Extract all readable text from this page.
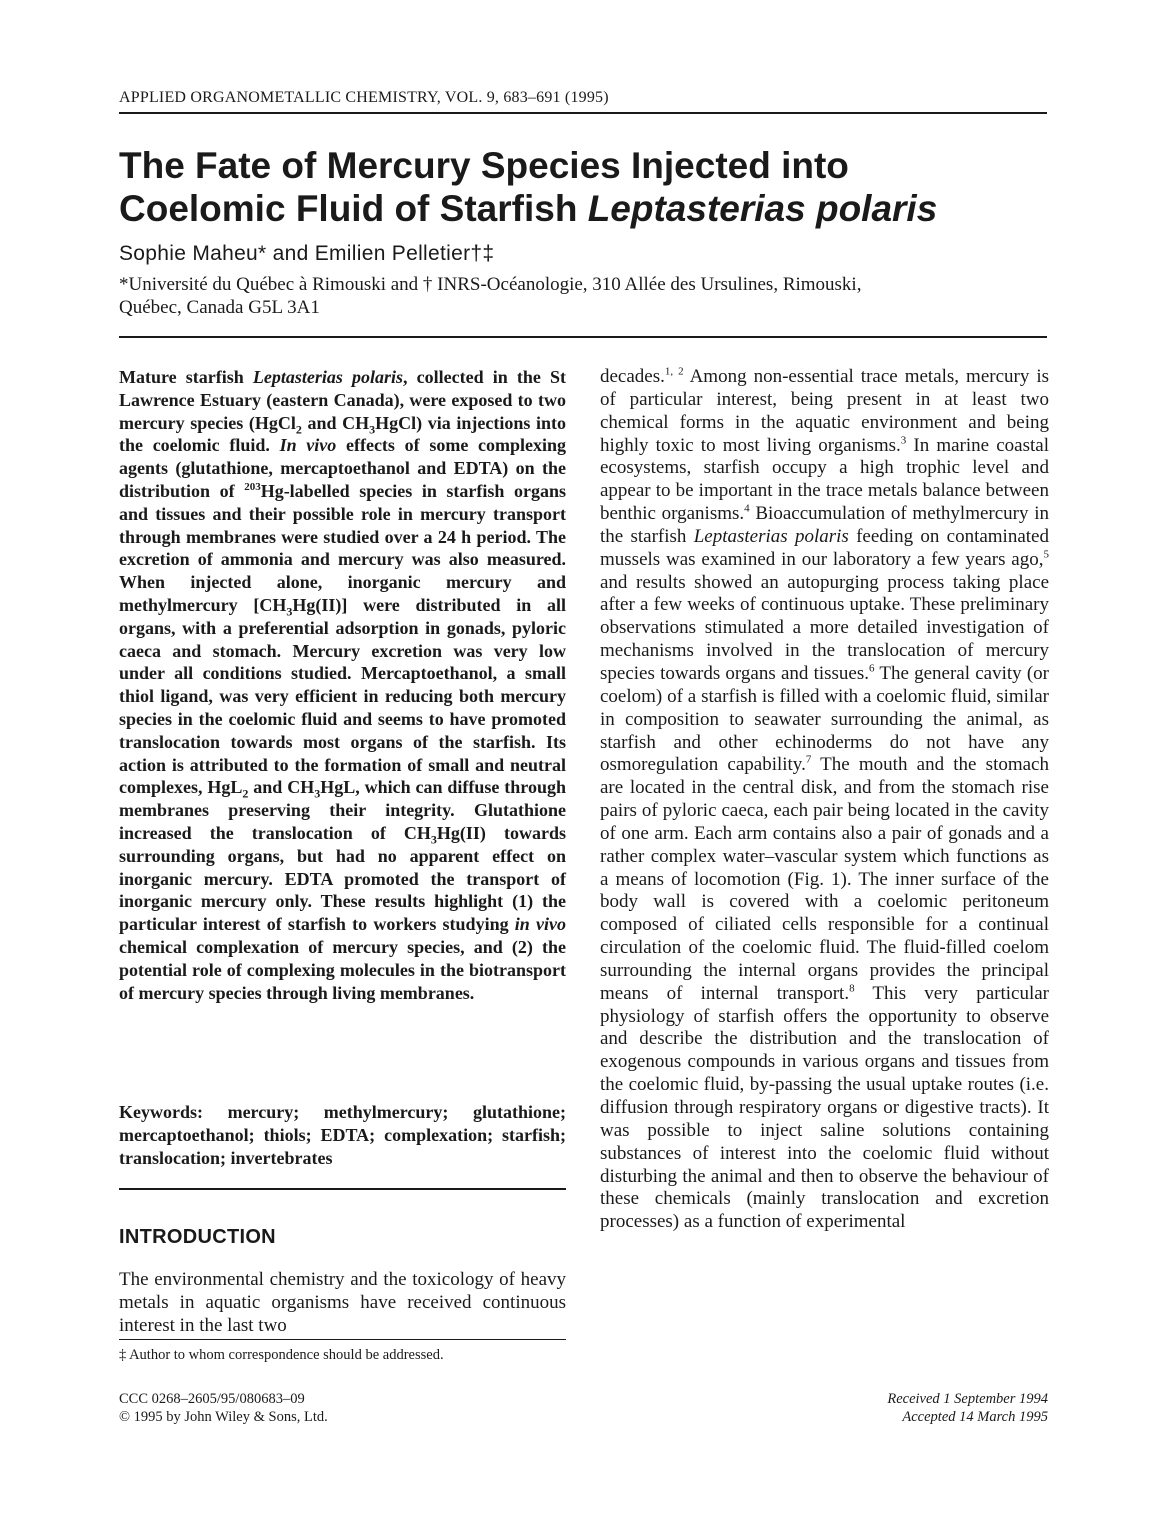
APPLIED ORGANOMETALLIC CHEMISTRY, VOL. 9, 683–691 (1995)
The Fate of Mercury Species Injected into
Coelomic Fluid of Starfish Leptasterias polaris
Sophie Maheu* and Emilien Pelletier†‡
*Université du Québec à Rimouski and † INRS-Océanologie, 310 Allée des Ursulines, Rimouski,
Québec, Canada G5L 3A1
Mature starfish Leptasterias polaris, collected in the St Lawrence Estuary (eastern Canada), were exposed to two mercury species (HgCl$_2$ and $CH_3HgCl$) via injections into the coelomic fluid. In vivo effects of some complexing agents (glutathione, mercaptoethanol and EDTA) on the distribution of $^{203}$Hg-labelled species in starfish organs and tissues and their possible role in mercury transport through membranes were studied over a 24 h period. The excretion of ammonia and mercury was also measured. When injected alone, inorganic mercury and methylmercury $[CH_3Hg(II)]$ were distributed in all organs, with a preferential adsorption in gonads, pyloric caeca and stomach. Mercury excretion was very low under all conditions studied. Mercaptoethanol, a small thiol ligand, was very efficient in reducing both mercury species in the coelomic fluid and seems to have promoted translocation towards most organs of the starfish. Its action is attributed to the formation of small and neutral complexes, HgL$_2$ and $CH_3HgL$, which can diffuse through membranes preserving their integrity. Glutathione increased the translocation of $CH_3Hg(II)$ towards surrounding organs, but had no apparent effect on inorganic mercury. EDTA promoted the transport of inorganic mercury only. These results highlight (1) the particular interest of starfish to workers studying in vivo chemical complexation of mercury species, and (2) the potential role of complexing molecules in the biotransport of mercury species through living membranes.
Keywords: mercury; methylmercury; glutathione; mercaptoethanol; thiols; EDTA; complexation; starfish; translocation; invertebrates
INTRODUCTION
The environmental chemistry and the toxicology of heavy metals in aquatic organisms have received continuous interest in the last two
‡ Author to whom correspondence should be addressed.
decades.$^{1, 2}$ Among non-essential trace metals, mercury is of particular interest, being present in at least two chemical forms in the aquatic environment and being highly toxic to most living organisms.$^3$ In marine coastal ecosystems, starfish occupy a high trophic level and appear to be important in the trace metals balance between benthic organisms.$^4$ Bioaccumulation of methylmercury in the starfish Leptasterias polaris feeding on contaminated mussels was examined in our laboratory a few years ago,$^5$ and results showed an autopurging process taking place after a few weeks of continuous uptake. These preliminary observations stimulated a more detailed investigation of mechanisms involved in the translocation of mercury species towards organs and tissues.$^6$ The general cavity (or coelom) of a starfish is filled with a coelomic fluid, similar in composition to seawater surrounding the animal, as starfish and other echinoderms do not have any osmoregulation capability.$^7$ The mouth and the stomach are located in the central disk, and from the stomach rise pairs of pyloric caeca, each pair being located in the cavity of one arm. Each arm contains also a pair of gonads and a rather complex water–vascular system which functions as a means of locomotion (Fig. 1). The inner surface of the body wall is covered with a coelomic peritoneum composed of ciliated cells responsible for a continual circulation of the coelomic fluid. The fluid-filled coelom surrounding the internal organs provides the principal means of internal transport.$^8$ This very particular physiology of starfish offers the opportunity to observe and describe the distribution and the translocation of exogenous compounds in various organs and tissues from the coelomic fluid, by-passing the usual uptake routes (i.e. diffusion through respiratory organs or digestive tracts). It was possible to inject saline solutions containing substances of interest into the coelomic fluid without disturbing the animal and then to observe the behaviour of these chemicals (mainly translocation and excretion processes) as a function of experimental
CCC 0268–2605/95/080683–09
© 1995 by John Wiley & Sons, Ltd.
Received 1 September 1994
Accepted 14 March 1995
